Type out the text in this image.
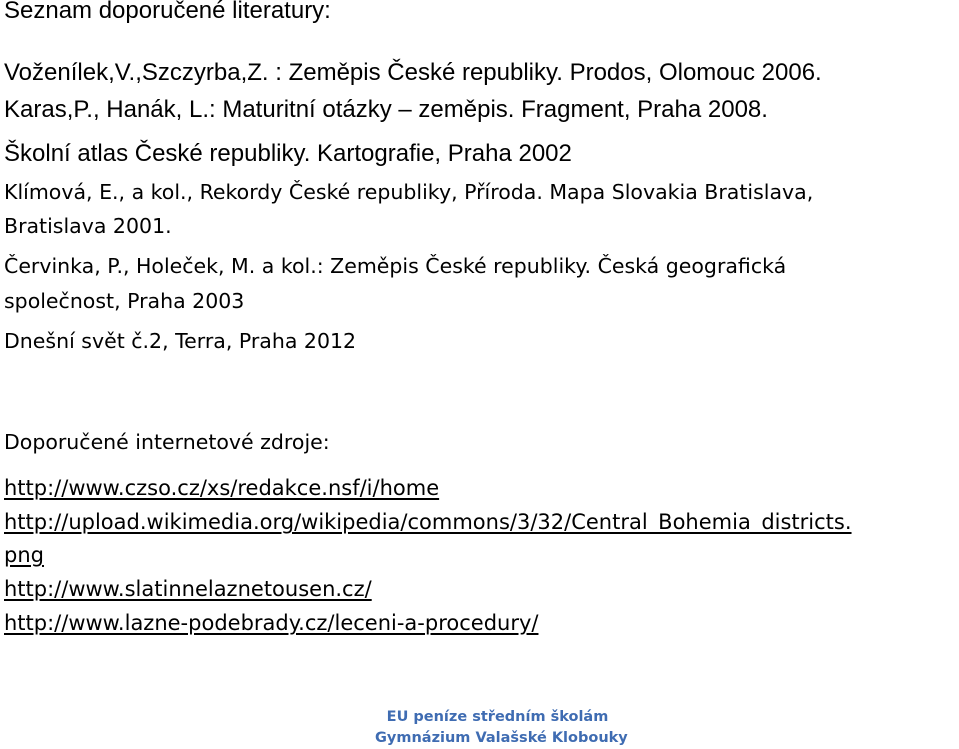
Seznam doporučené literatury:

Voženílek,V.,Szczyrba,Z. : Zeměpis České republiky. Prodos, Olomouc 2006.

Karas,P., Hanák, L.: Maturitní otázky – zeměpis. Fragment, Praha 2008.

Školní atlas České republiky. Kartografie, Praha 2002

Klímová, E., a kol., Rekordy České republiky, Příroda. Mapa Slovakia Bratislava,

Bratislava 2001.

Červinka, P., Holeček, M. a kol.: Zeměpis České republiky. Česká geografická

společnost, Praha 2003

Dnešní svět č.2, Terra, Praha 2012

Doporučené internetové zdroje:

http://www.czso.cz/xs/redakce.nsf/i/home
http://upload.wikimedia.org/wikipedia/commons/3/32/Central_Bohemia_districts.
png
http://www.slatinnelaznetousen.cz/
http://www.lazne-podebrady.cz/leceni-a-procedury/

EU peníze středním školám

Gymnázium Valašské Klobouky
